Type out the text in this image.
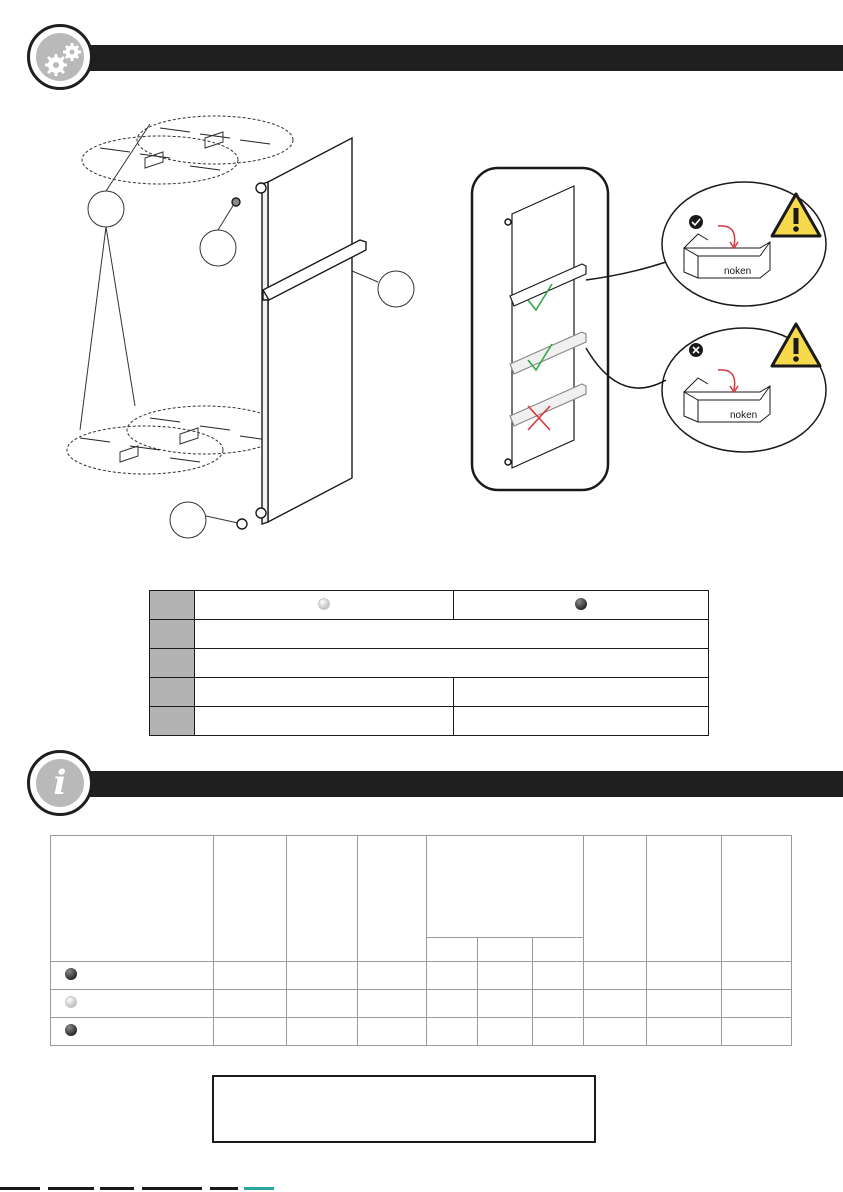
noken
noken

i
